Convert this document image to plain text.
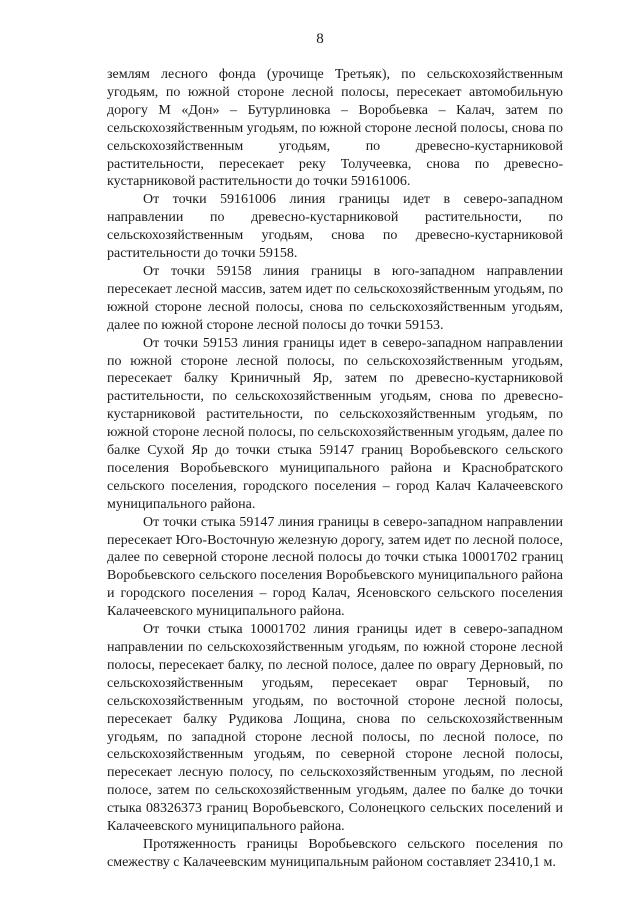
8

землям лесного фонда (урочище Третьяк), по сельскохозяйственным угодьям, по южной стороне лесной полосы, пересекает автомобильную дорогу М «Дон» – Бутурлиновка – Воробьевка – Калач, затем по сельскохозяйственным угодьям, по южной стороне лесной полосы, снова по сельскохозяйственным угодьям, по древесно-кустарниковой растительности, пересекает реку Толучеевка, снова по древесно-кустарниковой растительности до точки 59161006.

От точки 59161006 линия границы идет в северо-западном направлении по древесно-кустарниковой растительности, по сельскохозяйственным угодьям, снова по древесно-кустарниковой растительности до точки 59158.

От точки 59158 линия границы в юго-западном направлении пересекает лесной массив, затем идет по сельскохозяйственным угодьям, по южной стороне лесной полосы, снова по сельскохозяйственным угодьям, далее по южной стороне лесной полосы до точки 59153.

От точки 59153 линия границы идет в северо-западном направлении по южной стороне лесной полосы, по сельскохозяйственным угодьям, пересекает балку Криничный Яр, затем по древесно-кустарниковой растительности, по сельскохозяйственным угодьям, снова по древесно-кустарниковой растительности, по сельскохозяйственным угодьям, по южной стороне лесной полосы, по сельскохозяйственным угодьям, далее по балке Сухой Яр до точки стыка 59147 границ Воробьевского сельского поселения Воробьевского муниципального района и Краснобратского сельского поселения, городского поселения – город Калач Калачеевского муниципального района.

От точки стыка 59147 линия границы в северо-западном направлении пересекает Юго-Восточную железную дорогу, затем идет по лесной полосе, далее по северной стороне лесной полосы до точки стыка 10001702 границ Воробьевского сельского поселения Воробьевского муниципального района и городского поселения – город Калач, Ясеновского сельского поселения Калачеевского муниципального района.

От точки стыка 10001702 линия границы идет в северо-западном направлении по сельскохозяйственным угодьям, по южной стороне лесной полосы, пересекает балку, по лесной полосе, далее по оврагу Дерновый, по сельскохозяйственным угодьям, пересекает овраг Терновый, по сельскохозяйственным угодьям, по восточной стороне лесной полосы, пересекает балку Рудикова Лощина, снова по сельскохозяйственным угодьям, по западной стороне лесной полосы, по лесной полосе, по сельскохозяйственным угодьям, по северной стороне лесной полосы, пересекает лесную полосу, по сельскохозяйственным угодьям, по лесной полосе, затем по сельскохозяйственным угодьям, далее по балке до точки стыка 08326373 границ Воробьевского, Солонецкого сельских поселений и Калачеевского муниципального района.

Протяженность границы Воробьевского сельского поселения по смежеству с Калачеевским муниципальным районом составляет 23410,1 м.
